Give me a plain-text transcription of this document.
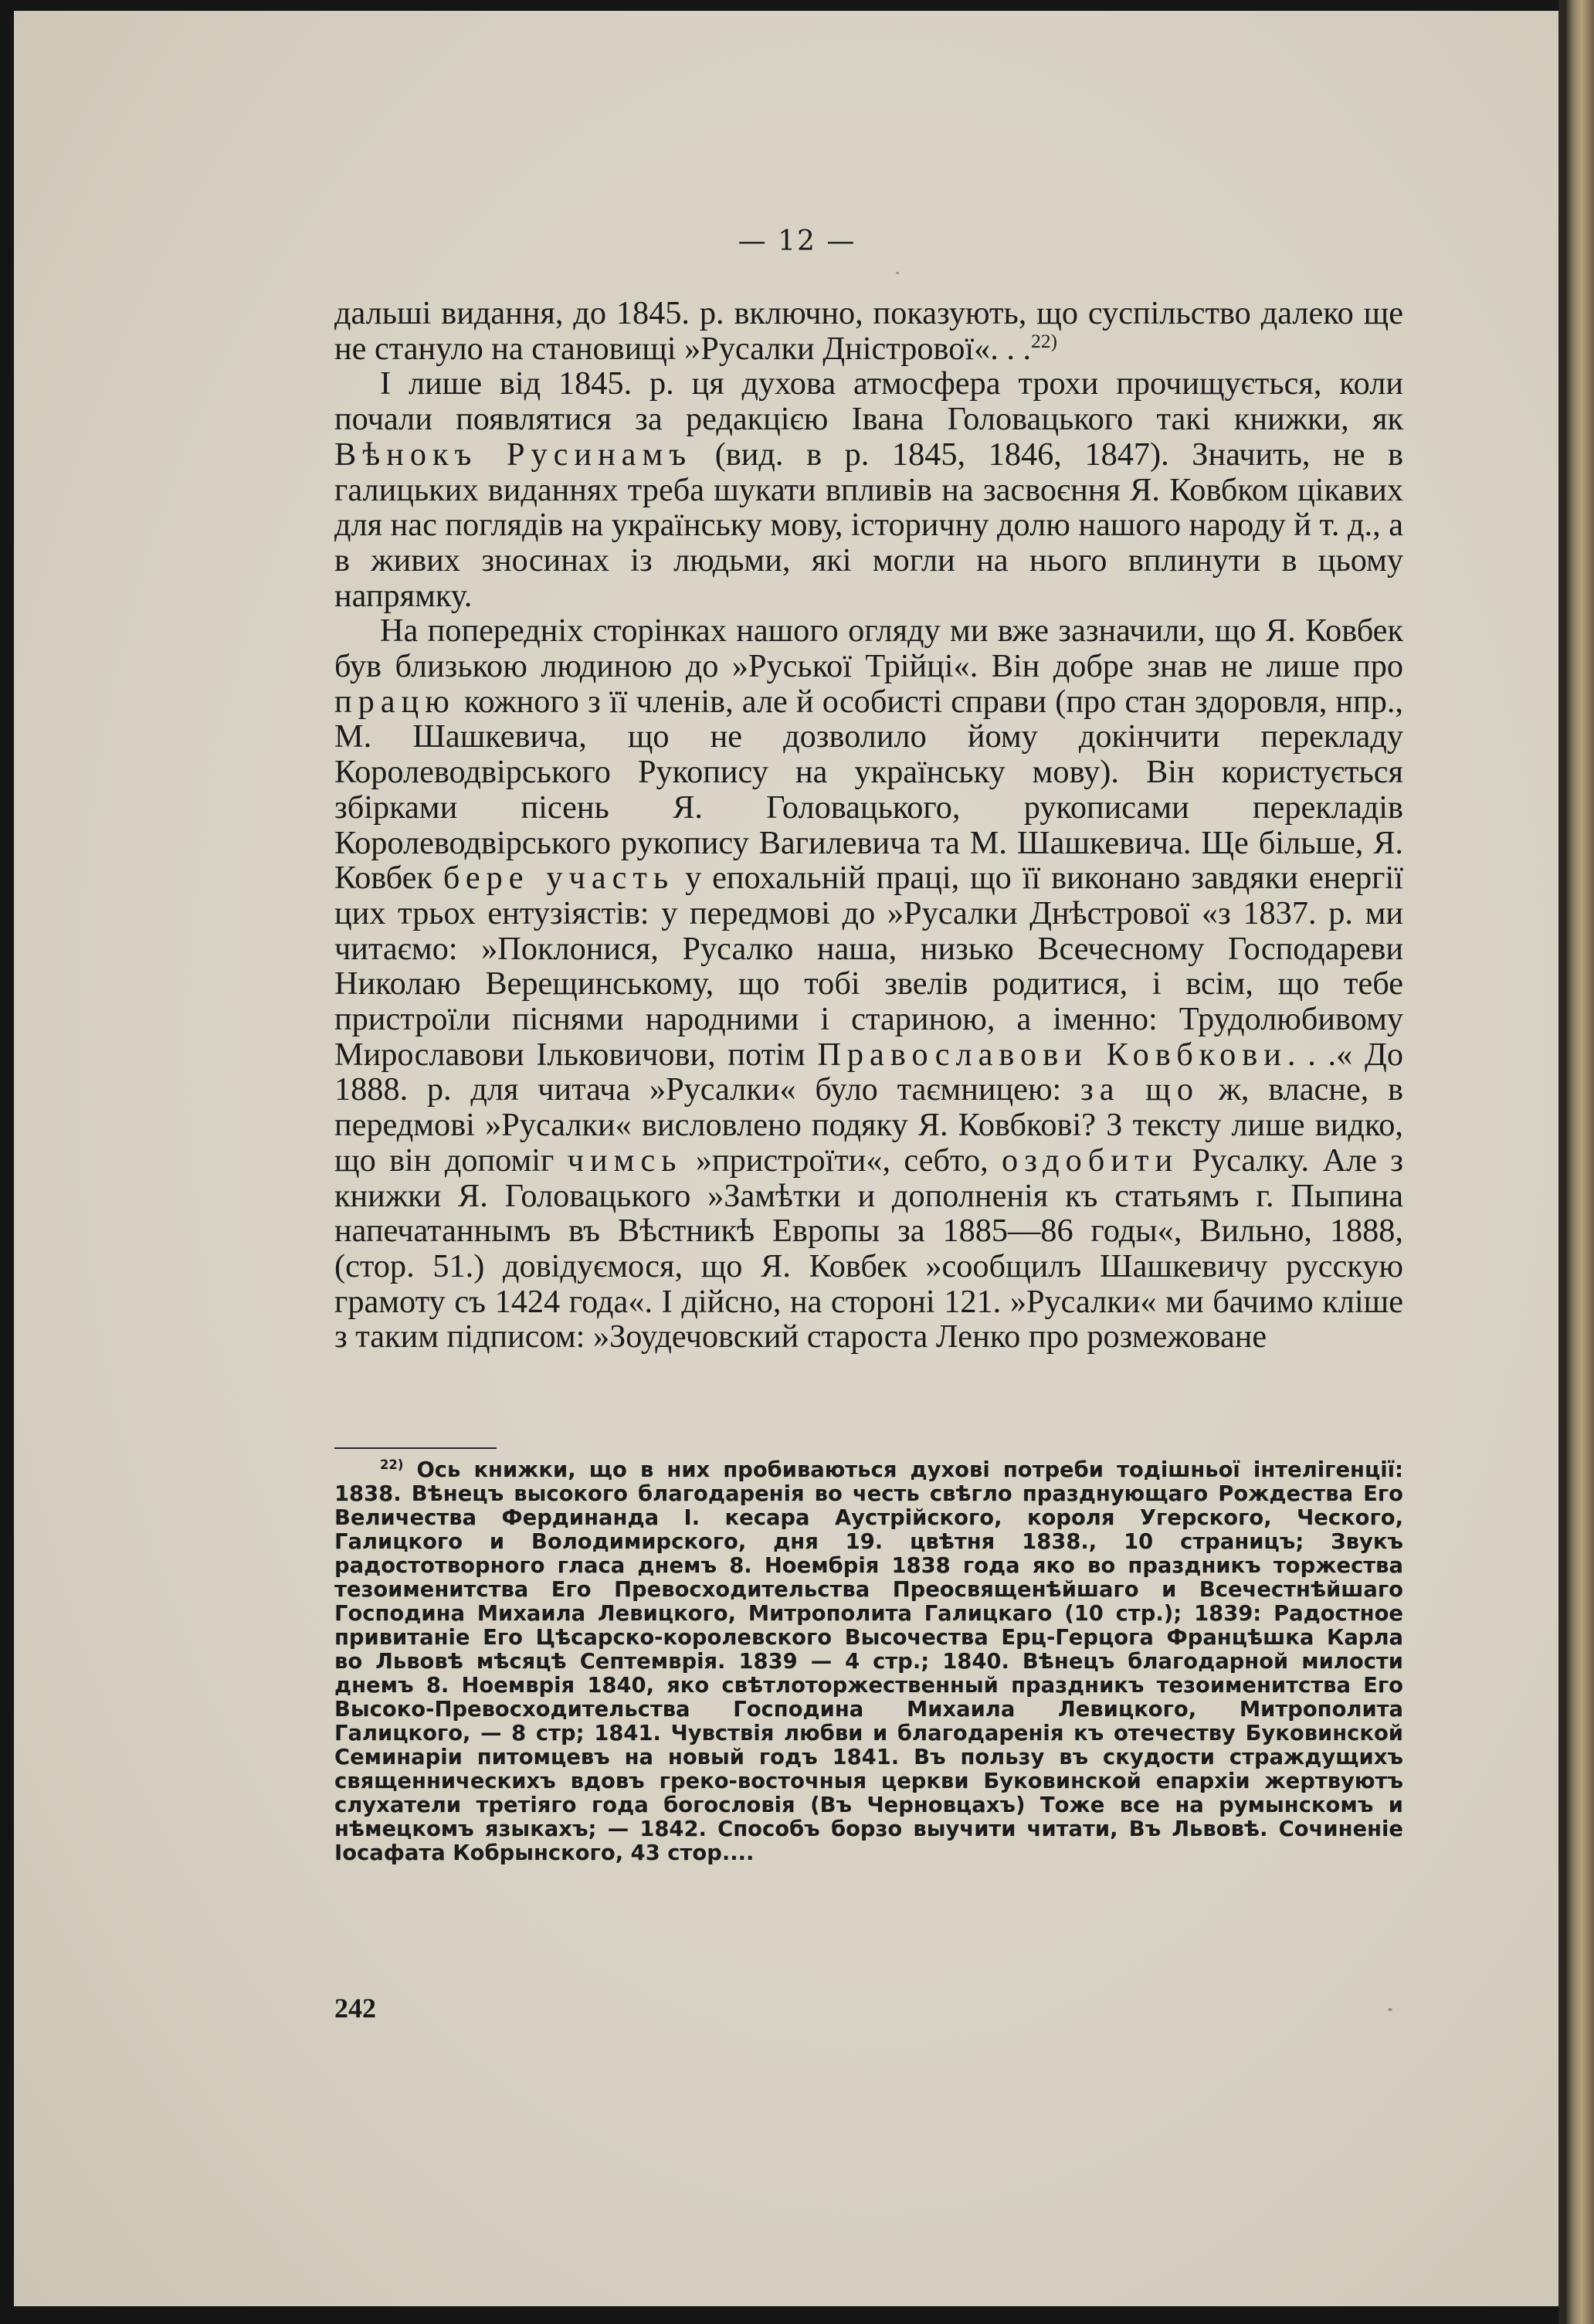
— 12 —

дальші видання, до 1845. р. включно, показують, що суспільство далеко ще не стануло на становищі »Русалки Дністрової«. . .$^{22)}$

І лише від 1845. р. ця духова атмосфера трохи прочищується, коли почали появлятися за редакцією Івана Головацького такі книжки, як Вѣнокъ Русинамъ (вид. в р. 1845, 1846, 1847). Значить, не в галицьких виданнях треба шукати впливів на засвоєння Я. Ковбком цікавих для нас поглядів на українську мову, історичну долю нашого народу й т. д., а в живих зносинах із людьми, які могли на нього вплинути в цьому напрямку.

На попередніх сторінках нашого огляду ми вже зазначили, що Я. Ковбек був близькою людиною до »Руської Трійці«. Він добре знав не лише про працю кожного з її членів, але й особисті справи (про стан здоровля, нпр., М. Шашкевича, що не дозволило йому докінчити перекладу Королеводвірського Рукопису на українську мову). Він користується збірками пісень Я. Головацького, рукописами перекладів Королеводвірського рукопису Вагилевича та М. Шашкевича. Ще більше, Я. Ковбек бере участь у епохальній праці, що її виконано завдяки енергії цих трьох ентузіястів: у передмові до »Русалки Днѣстрової «з 1837. р. ми читаємо: »Поклонися, Русалко наша, низько Всечесному Господареви Николаю Верещинському, що тобі звелів родитися, і всім, що тебе пристроїли піснями народними і стариною, а іменно: Трудолюбивому Мирославови Ільковичови, потім Православови Ковбкови. . .« До 1888. р. для читача »Русалки« було таємницею: за що ж, власне, в передмові »Русалки« висловлено подяку Я. Ковбкові? З тексту лише видко, що він допоміг чимсь »пристроїти«, себто, оздобити Русалку. Але з книжки Я. Головацького »Замѣтки и дополненія къ статьямъ г. Пыпина напечатаннымъ въ Вѣстникѣ Европы за 1885—86 годы«, Вильно, 1888, (стор. 51.) довідуємося, що Я. Ковбек »сообщилъ Шашкевичу русскую грамоту съ 1424 года«. І дійсно, на стороні 121. »Русалки« ми бачимо кліше з таким підписом: »Зоудечовский староста Ленко про розмежоване

$^{22)}$ Ось книжки, що в них пробиваються духові потреби тодішньої інтелігенції: 1838. Вѣнецъ высокого благодаренія во честь свѣгло празднующаго Рождества Его Величества Фердинанда I. кесара Аустрійского, короля Угерского, Ческого, Галицкого и Володимирского, дня 19. цвѣтня 1838., 10 страницъ; Звукъ радостотворного гласа днемъ 8. Ноембрія 1838 года яко во праздникъ торжества тезоименитства Его Превосходительства Преосвященѣйшаго и Всечестнѣйшаго Господина Михаила Левицкого, Митрополита Галицкаго (10 стр.); 1839: Радостное привитаніе Его Цѣсарско-королевского Высочества Ерц-Герцога Францѣшка Карла во Львовѣ мѣсяцѣ Септемврія. 1839 — 4 стр.; 1840. Вѣнецъ благодарной милости днемъ 8. Ноемврія 1840, яко свѣтлоторжественный праздникъ тезоименитства Его Высоко-Превосходительства Господина Михаила Левицкого, Митрополита Галицкого, — 8 стр; 1841. Чувствія любви и благодаренія къ отечеству Буковинской Семинаріи питомцевъ на новый годъ 1841. Въ пользу въ скудости страждущихъ священническихъ вдовъ греко-восточныя церкви Буковинской епархіи жертвуютъ слухатели третіяго года богословія (Въ Черновцахъ) Тоже все на румынскомъ и нѣмецкомъ языкахъ; — 1842. Способъ борзо выучити читати, Въ Львовѣ. Сочиненіе Іосафата Кобрынского, 43 стор....

242
